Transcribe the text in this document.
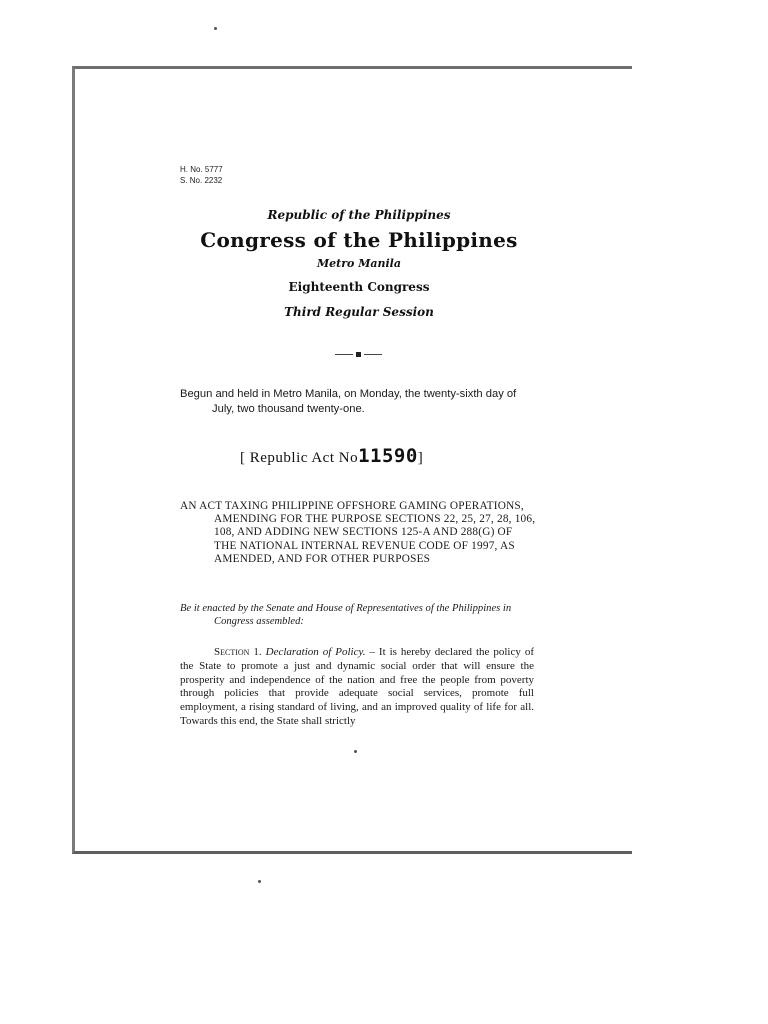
H. No. 5777
S. No. 2232
Republic of the Philippines
Congress of the Philippines
Metro Manila
Eighteenth Congress
Third Regular Session
Begun and held in Metro Manila, on Monday, the twenty-sixth day of July, two thousand twenty-one.
[ Republic Act No11590]
AN ACT TAXING PHILIPPINE OFFSHORE GAMING OPERATIONS, AMENDING FOR THE PURPOSE SECTIONS 22, 25, 27, 28, 106, 108, AND ADDING NEW SECTIONS 125-A AND 288(G) OF THE NATIONAL INTERNAL REVENUE CODE OF 1997, AS AMENDED, AND FOR OTHER PURPOSES
Be it enacted by the Senate and House of Representatives of the Philippines in Congress assembled:
Section 1. Declaration of Policy. – It is hereby declared the policy of the State to promote a just and dynamic social order that will ensure the prosperity and independence of the nation and free the people from poverty through policies that provide adequate social services, promote full employment, a rising standard of living, and an improved quality of life for all. Towards this end, the State shall strictly
